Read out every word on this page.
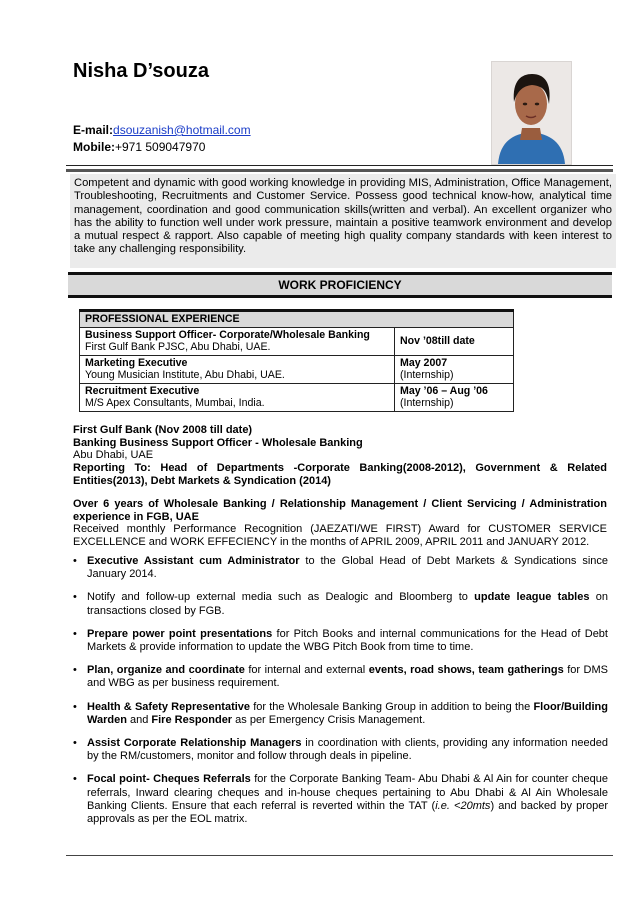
Nisha D’souza
E-mail:dsouzanish@hotmail.com
Mobile:+971 509047970

Competent and dynamic with good working knowledge in providing MIS, Administration, Office Management, Troubleshooting, Recruitments and Customer Service. Possess good technical know-how, analytical time management, coordination and good communication skills(written and verbal). An excellent organizer who has the ability to function well under work pressure, maintain a positive teamwork environment and develop a mutual respect & rapport. Also capable of meeting high quality company standards with keen interest to take any challenging responsibility.

WORK PROFICIENCY
PROFESSIONAL EXPERIENCE	
Business Support Officer- Corporate/Wholesale Banking
First Gulf Bank PJSC, Abu Dhabi, UAE.	Nov ’08till date
Marketing Executive
Young Musician Institute, Abu Dhabi, UAE.	May 2007
(Internship)
Recruitment Executive
M/S Apex Consultants, Mumbai, India.	May ’06 – Aug ’06
(Internship)
First Gulf Bank (Nov 2008 till date)
Banking Business Support Officer - Wholesale Banking
Abu Dhabi, UAE
Reporting To: Head of Departments -Corporate Banking(2008-2012), Government & Related Entities(2013), Debt Markets & Syndication (2014)
Over 6 years of Wholesale Banking / Relationship Management / Client Servicing / Administration experience in FGB, UAE
Received monthly Performance Recognition (JAEZATI/WE FIRST) Award for CUSTOMER SERVICE EXCELLENCE and WORK EFFECIENCY in the months of APRIL 2009, APRIL 2011 and JANUARY 2012.
• Executive Assistant cum Administrator to the Global Head of Debt Markets & Syndications since January 2014.
• Notify and follow-up external media such as Dealogic and Bloomberg to update league tables on transactions closed by FGB.
• Prepare power point presentations for Pitch Books and internal communications for the Head of Debt Markets & provide information to update the WBG Pitch Book from time to time.
• Plan, organize and coordinate for internal and external events, road shows, team gatherings for DMS and WBG as per business requirement.
• Health & Safety Representative for the Wholesale Banking Group in addition to being the Floor/Building Warden and Fire Responder as per Emergency Crisis Management.
• Assist Corporate Relationship Managers in coordination with clients, providing any information needed by the RM/customers, monitor and follow through deals in pipeline.
• Focal point- Cheques Referrals for the Corporate Banking Team- Abu Dhabi & Al Ain for counter cheque referrals, Inward clearing cheques and in-house cheques pertaining to Abu Dhabi & Al Ain Wholesale Banking Clients. Ensure that each referral is reverted within the TAT (i.e. <20mts) and backed by proper approvals as per the EOL matrix.
